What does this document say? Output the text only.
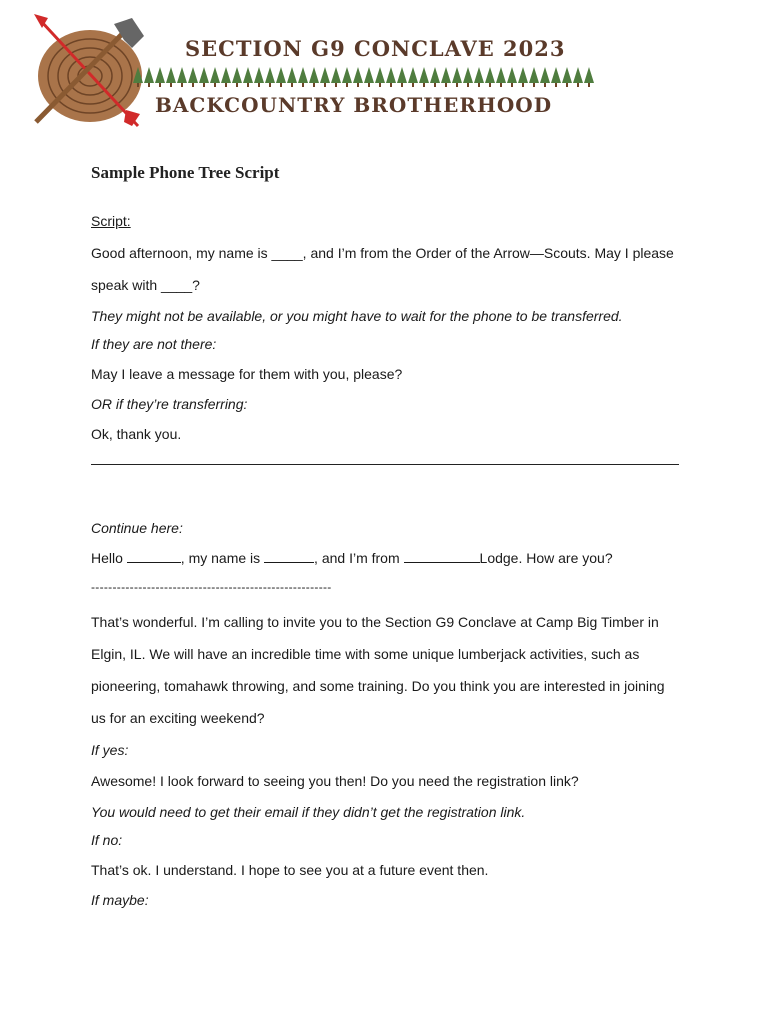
SECTION G9 CONCLAVE 2023
BACKCOUNTRY BROTHERHOOD
Sample Phone Tree Script
Script:
Good afternoon, my name is ____, and I’m from the Order of the Arrow—Scouts. May I please
speak with ____?
They might not be available, or you might have to wait for the phone to be transferred.
If they are not there:
May I leave a message for them with you, please?
OR if they’re transferring:
Ok, thank you.
Continue here:
Hello	, my name is	, and I’m from	Lodge. How are you?
--------------------------------------------------------
That’s wonderful. I’m calling to invite you to the Section G9 Conclave at Camp Big Timber in
Elgin, IL. We will have an incredible time with some unique lumberjack activities, such as
pioneering, tomahawk throwing, and some training. Do you think you are interested in joining
us for an exciting weekend?
If yes:
Awesome! I look forward to seeing you then! Do you need the registration link?
You would need to get their email if they didn’t get the registration link.
If no:
That’s ok. I understand. I hope to see you at a future event then.
If maybe:
